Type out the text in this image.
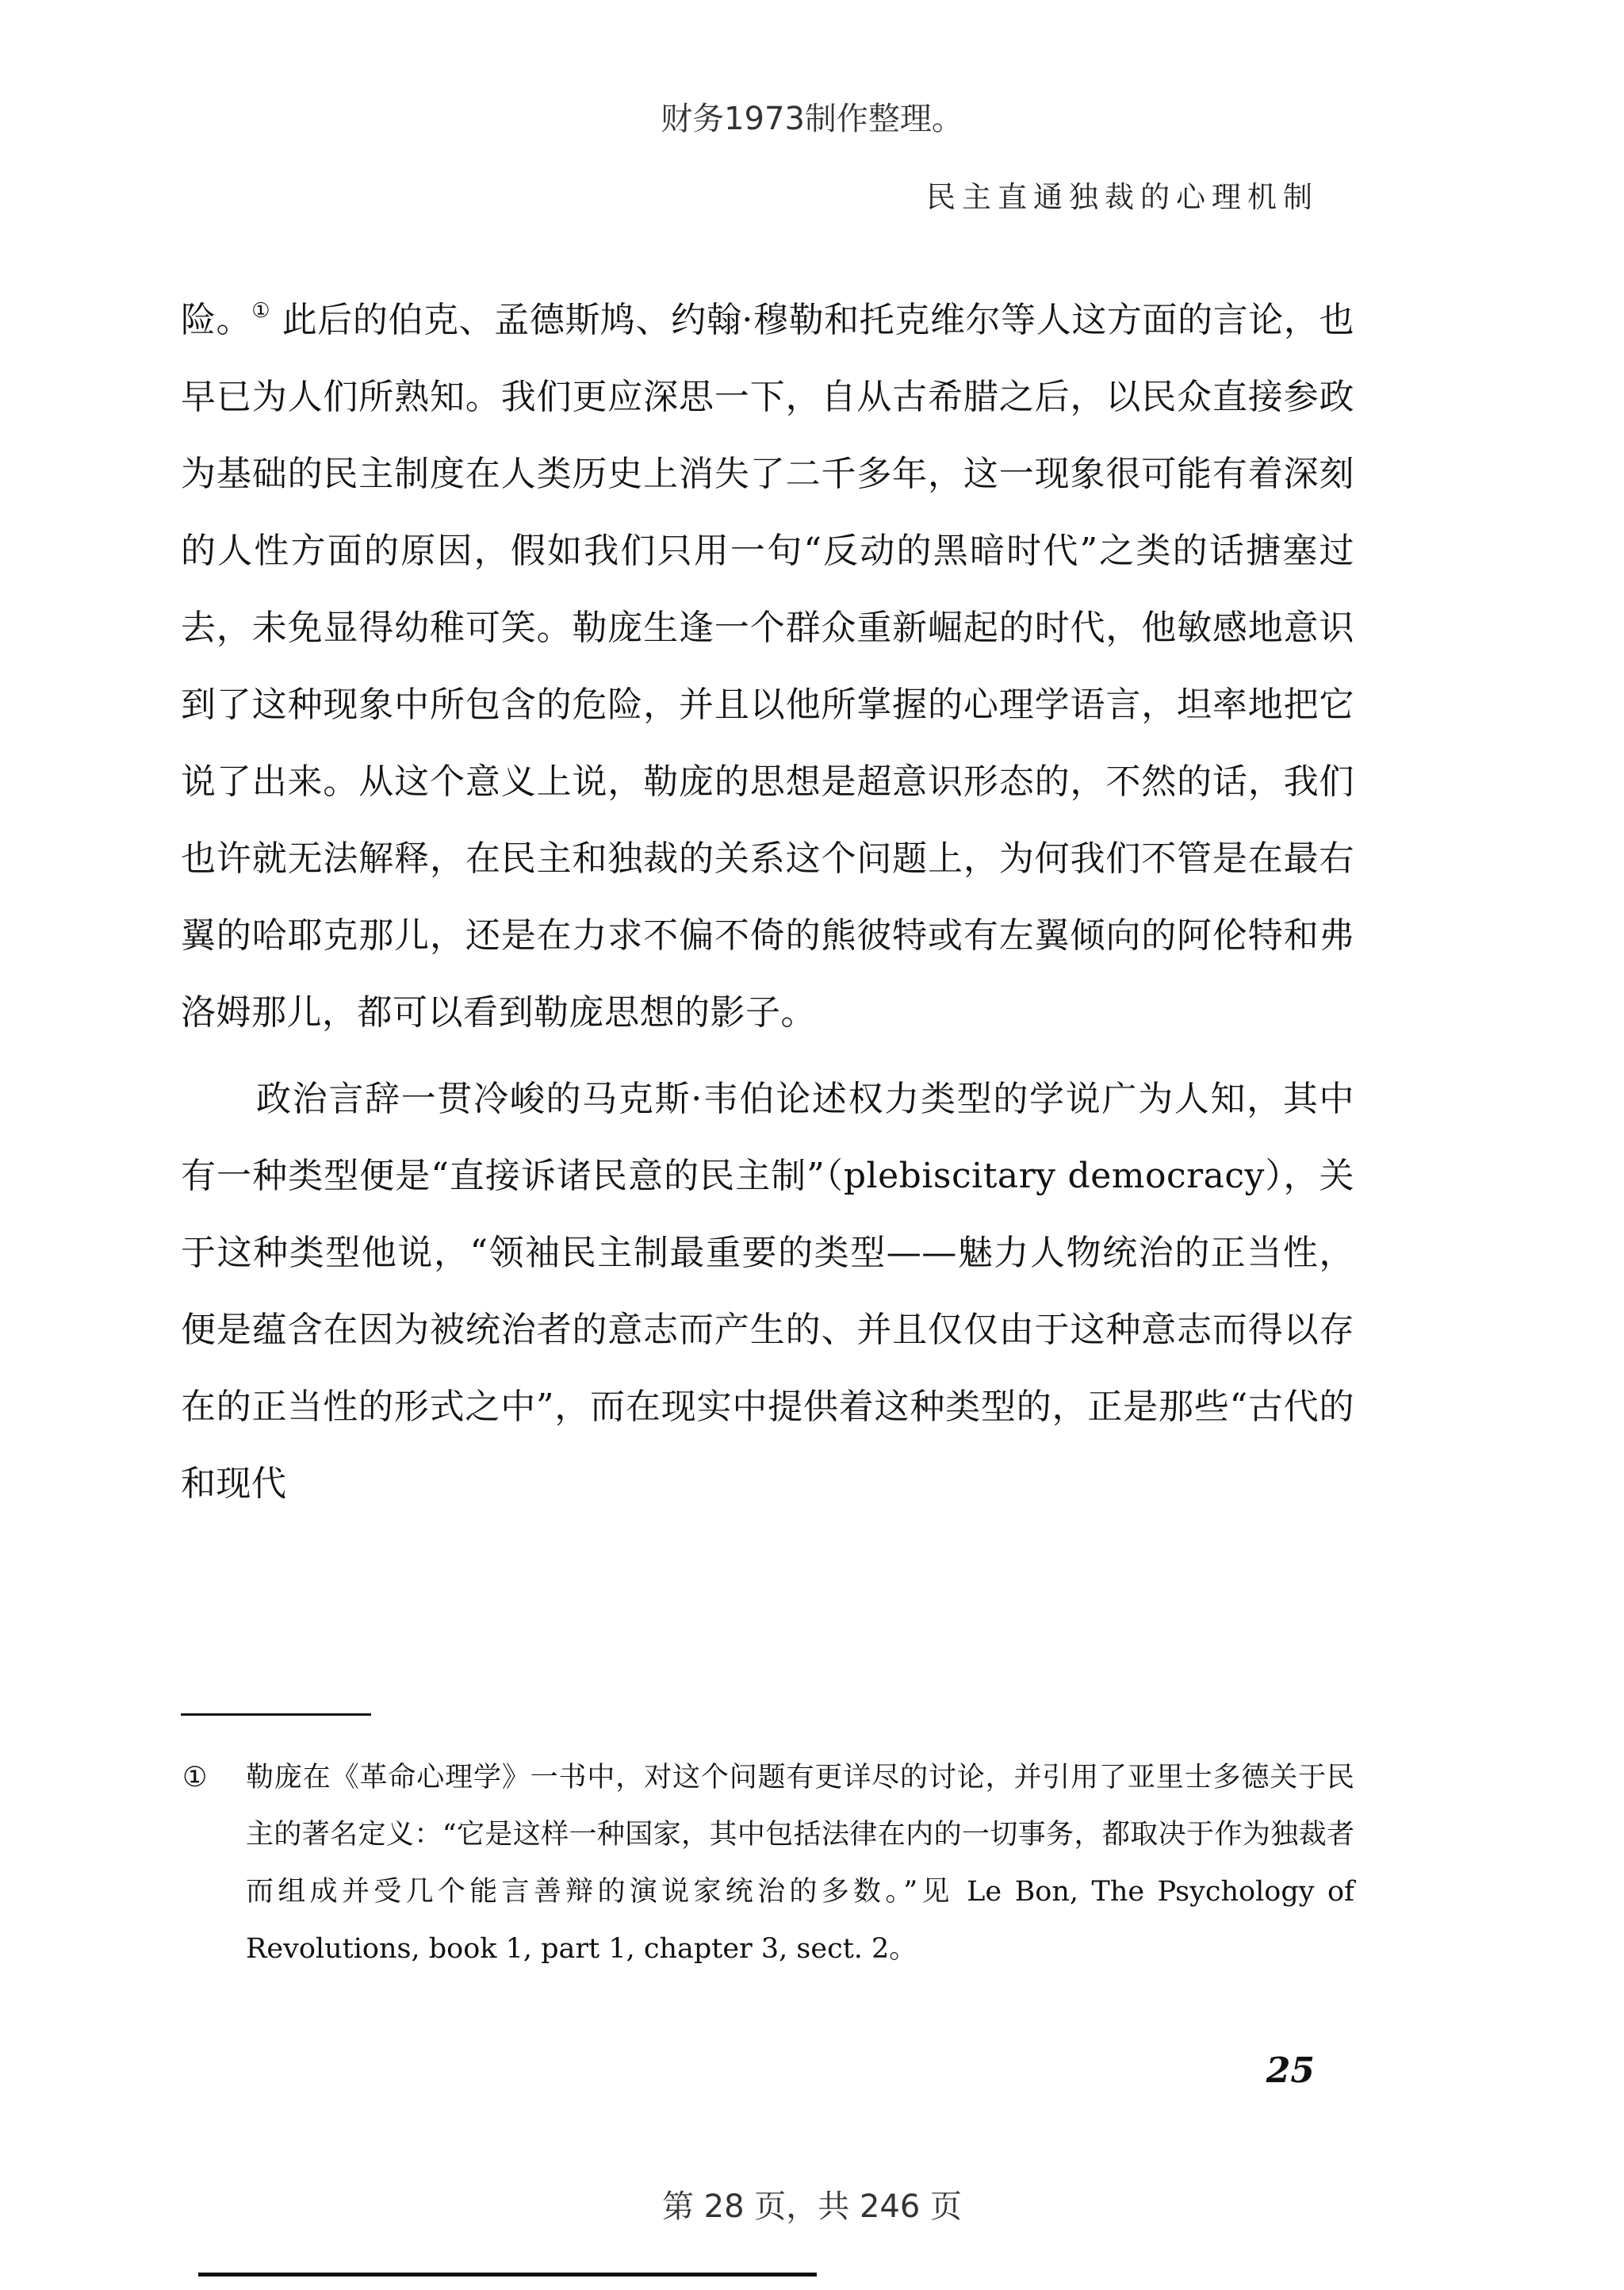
财务1973制作整理。
民主直通独裁的心理机制

险。① 此后的伯克、孟德斯鸠、约翰·穆勒和托克维尔等人这方面的言论，也早已为人们所熟知。我们更应深思一下，自从古希腊之后，以民众直接参政为基础的民主制度在人类历史上消失了二千多年，这一现象很可能有着深刻的人性方面的原因，假如我们只用一句“反动的黑暗时代”之类的话搪塞过去，未免显得幼稚可笑。勒庞生逢一个群众重新崛起的时代，他敏感地意识到了这种现象中所包含的危险，并且以他所掌握的心理学语言，坦率地把它说了出来。从这个意义上说，勒庞的思想是超意识形态的，不然的话，我们也许就无法解释，在民主和独裁的关系这个问题上，为何我们不管是在最右翼的哈耶克那儿，还是在力求不偏不倚的熊彼特或有左翼倾向的阿伦特和弗洛姆那儿，都可以看到勒庞思想的影子。

政治言辞一贯冷峻的马克斯·韦伯论述权力类型的学说广为人知，其中有一种类型便是“直接诉诸民意的民主制”（plebiscitary democracy），关于这种类型他说，“领袖民主制最重要的类型——魅力人物统治的正当性，便是蕴含在因为被统治者的意志而产生的、并且仅仅由于这种意志而得以存在的正当性的形式之中”，而在现实中提供着这种类型的，正是那些“古代的和现代

① 勒庞在《革命心理学》一书中，对这个问题有更详尽的讨论，并引用了亚里士多德关于民主的著名定义：“它是这样一种国家，其中包括法律在内的一切事务，都取决于作为独裁者而组成并受几个能言善辩的演说家统治的多数。”见 Le Bon, The Psychology of Revolutions, book 1, part 1, chapter 3, sect. 2。
25
第 28 页，共 246 页
